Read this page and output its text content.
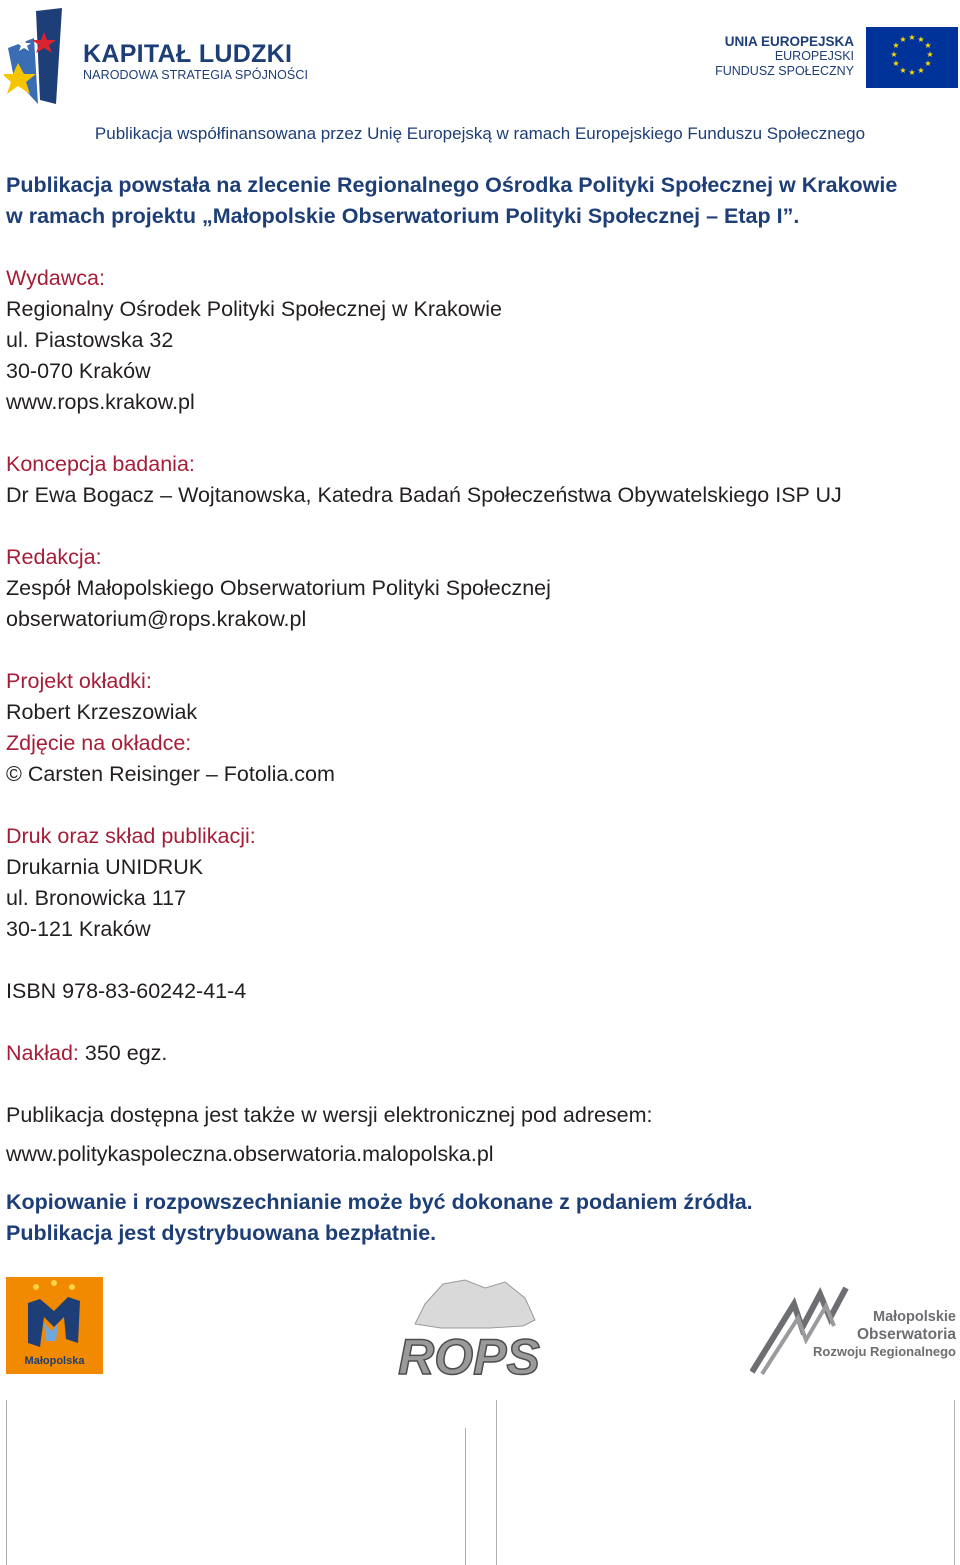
KAPITAŁ LUDZKI
NARODOWA STRATEGIA SPÓJNOŚCI
UNIA EUROPEJSKA
EUROPEJSKI
FUNDUSZ SPOŁECZNY
★ ★
★
★
★
★
★
★
★
★
★
★
Publikacja współfinansowana przez Unię Europejską w ramach Europejskiego Funduszu Społecznego
Publikacja powstała na zlecenie Regionalnego Ośrodka Polityki Społecznej w Krakowie
w ramach projektu „Małopolskie Obserwatorium Polityki Społecznej – Etap I”.
Wydawca:
Regionalny Ośrodek Polityki Społecznej w Krakowie
ul. Piastowska 32
30-070 Kraków
www.rops.krakow.pl
Koncepcja badania:
Dr Ewa Bogacz – Wojtanowska, Katedra Badań Społeczeństwa Obywatelskiego ISP UJ
Redakcja:
Zespół Małopolskiego Obserwatorium Polityki Społecznej
obserwatorium@rops.krakow.pl
Projekt okładki:
Robert Krzeszowiak
Zdjęcie na okładce:
© Carsten Reisinger – Fotolia.com
Druk oraz skład publikacji:
Drukarnia UNIDRUK
ul. Bronowicka 117
30-121 Kraków
ISBN 978-83-60242-41-4
Nakład: 350 egz.
Publikacja dostępna jest także w wersji elektronicznej pod adresem:
www.politykaspoleczna.obserwatoria.malopolska.pl
Kopiowanie i rozpowszechnianie może być dokonane z podaniem źródła.
Publikacja jest dystrybuowana bezpłatnie.
Małopolska	ROPS
Małopolskie
Obserwatoria
Rozwoju Regionalnego
